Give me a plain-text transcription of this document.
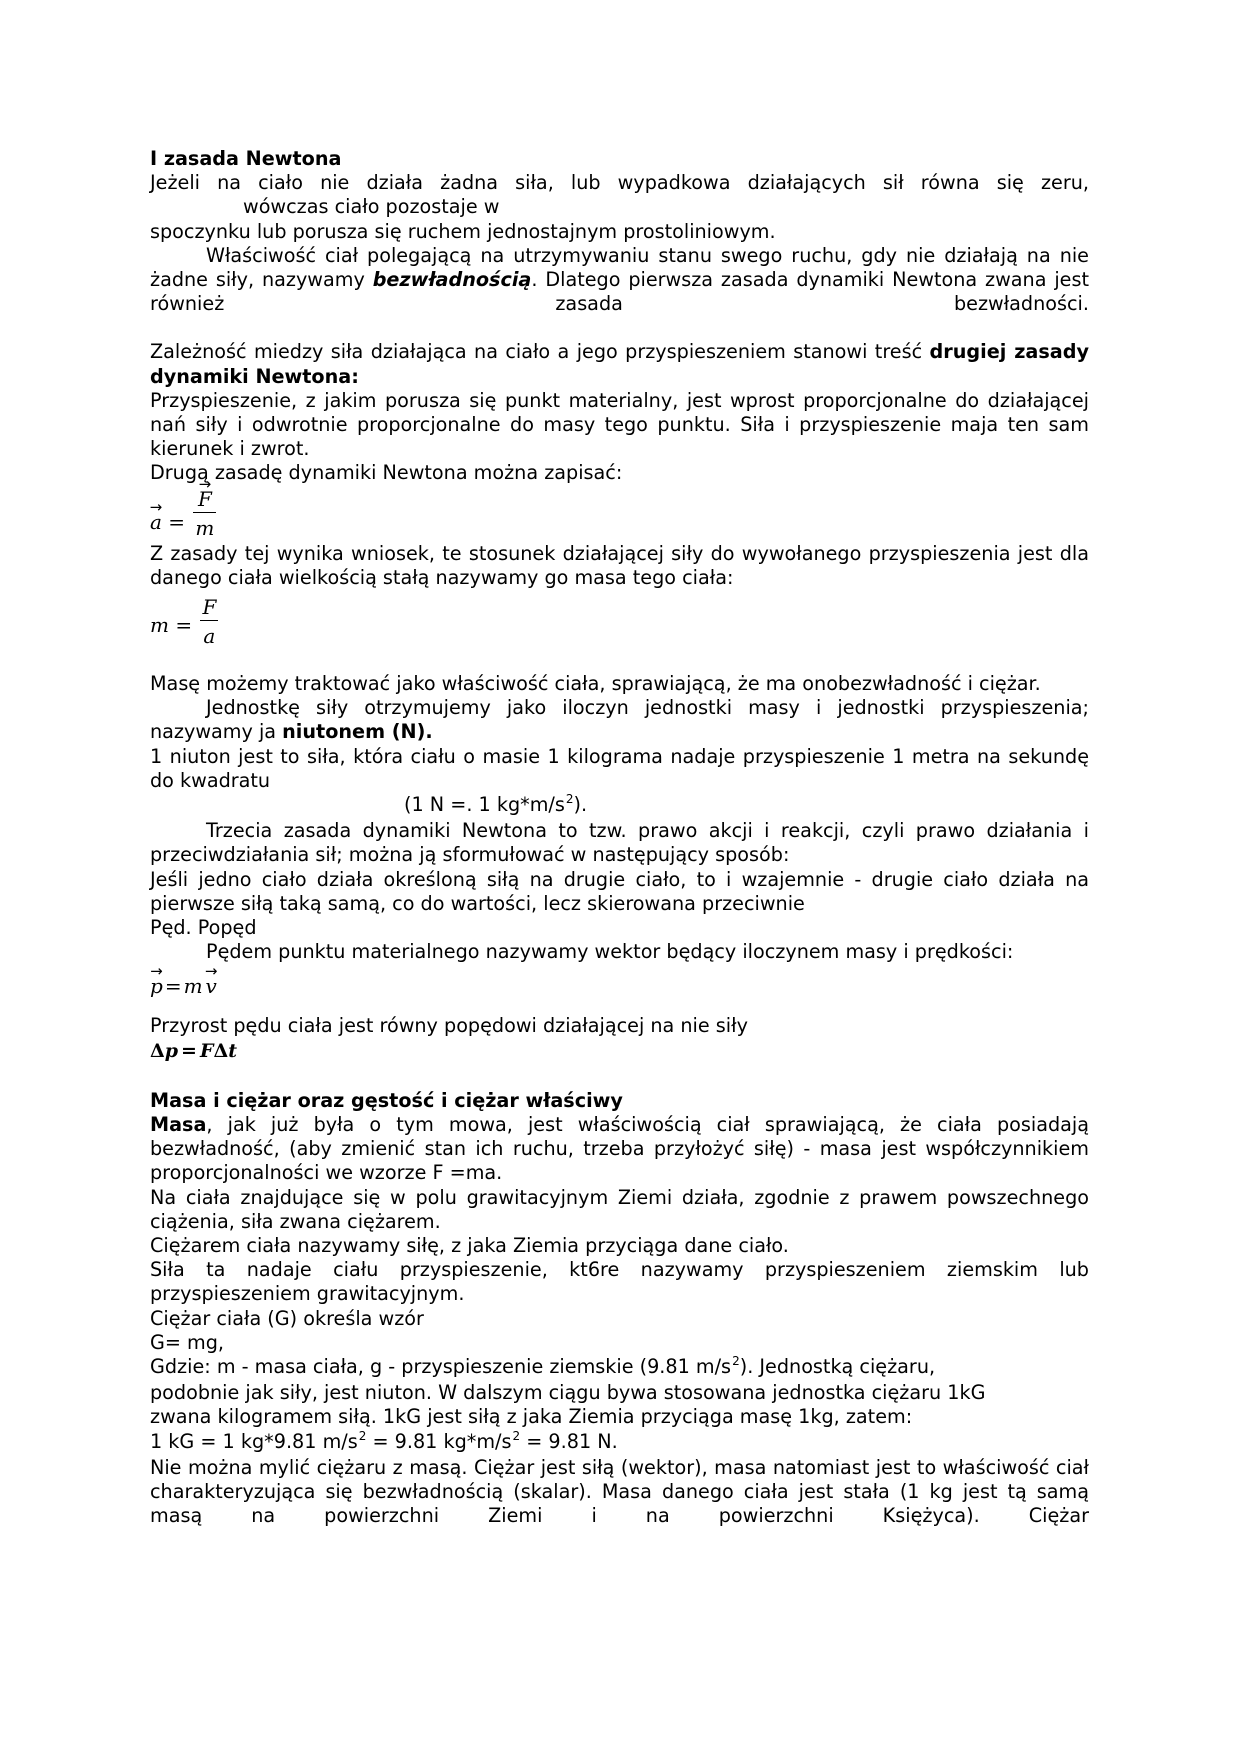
I zasada Newtona

Jeżeli na ciało nie działa żadna siła, lub wypadkowa działających sił równa się zeru,

wówczas ciało pozostaje w

spoczynku lub porusza się ruchem jednostajnym prostoliniowym.

Właściwość ciał polegającą na utrzymywaniu stanu swego ruchu, gdy nie działają na nie żadne siły, nazywamy bezwładnością. Dlatego pierwsza zasada dynamiki Newtona zwana jest również zasada bezwładności.

Zależność miedzy siła działająca na ciało a jego przyspieszeniem stanowi treść drugiej zasady dynamiki Newtona:

Przyspieszenie, z jakim porusza się punkt materialny, jest wprost proporcjonalne do działającej nań siły i odwrotnie proporcjonalne do masy tego punktu. Siła i przyspieszenie maja ten sam kierunek i zwrot.

Drugą zasadę dynamiki Newtona można zapisać:

→ a = → $\frac{F}{m}$

Z zasady tej wynika wniosek, te stosunek działającej siły do wywołanego przyspieszenia jest dla danego ciała wielkością stałą nazywamy go masa tego ciała:

$m = \frac{F}{a}$

Masę możemy traktować jako właściwość ciała, sprawiającą, że ma onobezwładność i ciężar.

Jednostkę siły otrzymujemy jako iloczyn jednostki masy i jednostki przyspieszenia; nazywamy ja niutonem (N).

1 niuton jest to siła, która ciału o masie 1 kilograma nadaje przyspieszenie 1 metra na sekundę do kwadratu

(1 N =. 1 $kg*m/s^2$).

Trzecia zasada dynamiki Newtona to tzw. prawo akcji i reakcji, czyli prawo działania i przeciwdziałania sił; można ją sformułować w następujący sposób:

Jeśli jedno ciało działa określoną siłą na drugie ciało, to i wzajemnie - drugie ciało działa na pierwsze siłą taką samą, co do wartości, lecz skierowana przeciwnie

Pęd. Popęd

Pędem punktu materialnego nazywamy wektor będący iloczynem masy i prędkości:

→ p = m → v

Przyrost pędu ciała jest równy popędowi działającej na nie siły

Δp = FΔt

Masa i ciężar oraz gęstość i ciężar właściwy

Masa, jak już była o tym mowa, jest właściwością ciał sprawiającą, że ciała posiadają bezwładność, (aby zmienić stan ich ruchu, trzeba przyłożyć siłę) - masa jest współczynnikiem proporcjonalności we wzorze F =ma.

Na ciała znajdujące się w polu grawitacyjnym Ziemi działa, zgodnie z prawem powszechnego ciążenia, siła zwana ciężarem.

Ciężarem ciała nazywamy siłę, z jaka Ziemia przyciąga dane ciało.

Siła ta nadaje ciału przyspieszenie, kt6re nazywamy przyspieszeniem ziemskim lub przyspieszeniem grawitacyjnym.

Ciężar ciała (G) określa wzór

G= mg,

Gdzie: m - masa ciała, g - przyspieszenie ziemskie (9.81 $m/s^2$). Jednostką ciężaru,

podobnie jak siły, jest niuton. W dalszym ciągu bywa stosowana jednostka ciężaru 1kG

zwana kilogramem siłą. 1kG jest siłą z jaka Ziemia przyciąga masę 1kg, zatem:

1 kG = 1 kg*9.81 $m/s^2 = 9.81$ $kg*m/s^2 = 9.81$ N.

Nie można mylić ciężaru z masą. Ciężar jest siłą (wektor), masa natomiast jest to właściwość ciał charakteryzująca się bezwładnością (skalar). Masa danego ciała jest stała (1 kg jest tą samą masą na powierzchni Ziemi i na powierzchni Księżyca). Ciężar
